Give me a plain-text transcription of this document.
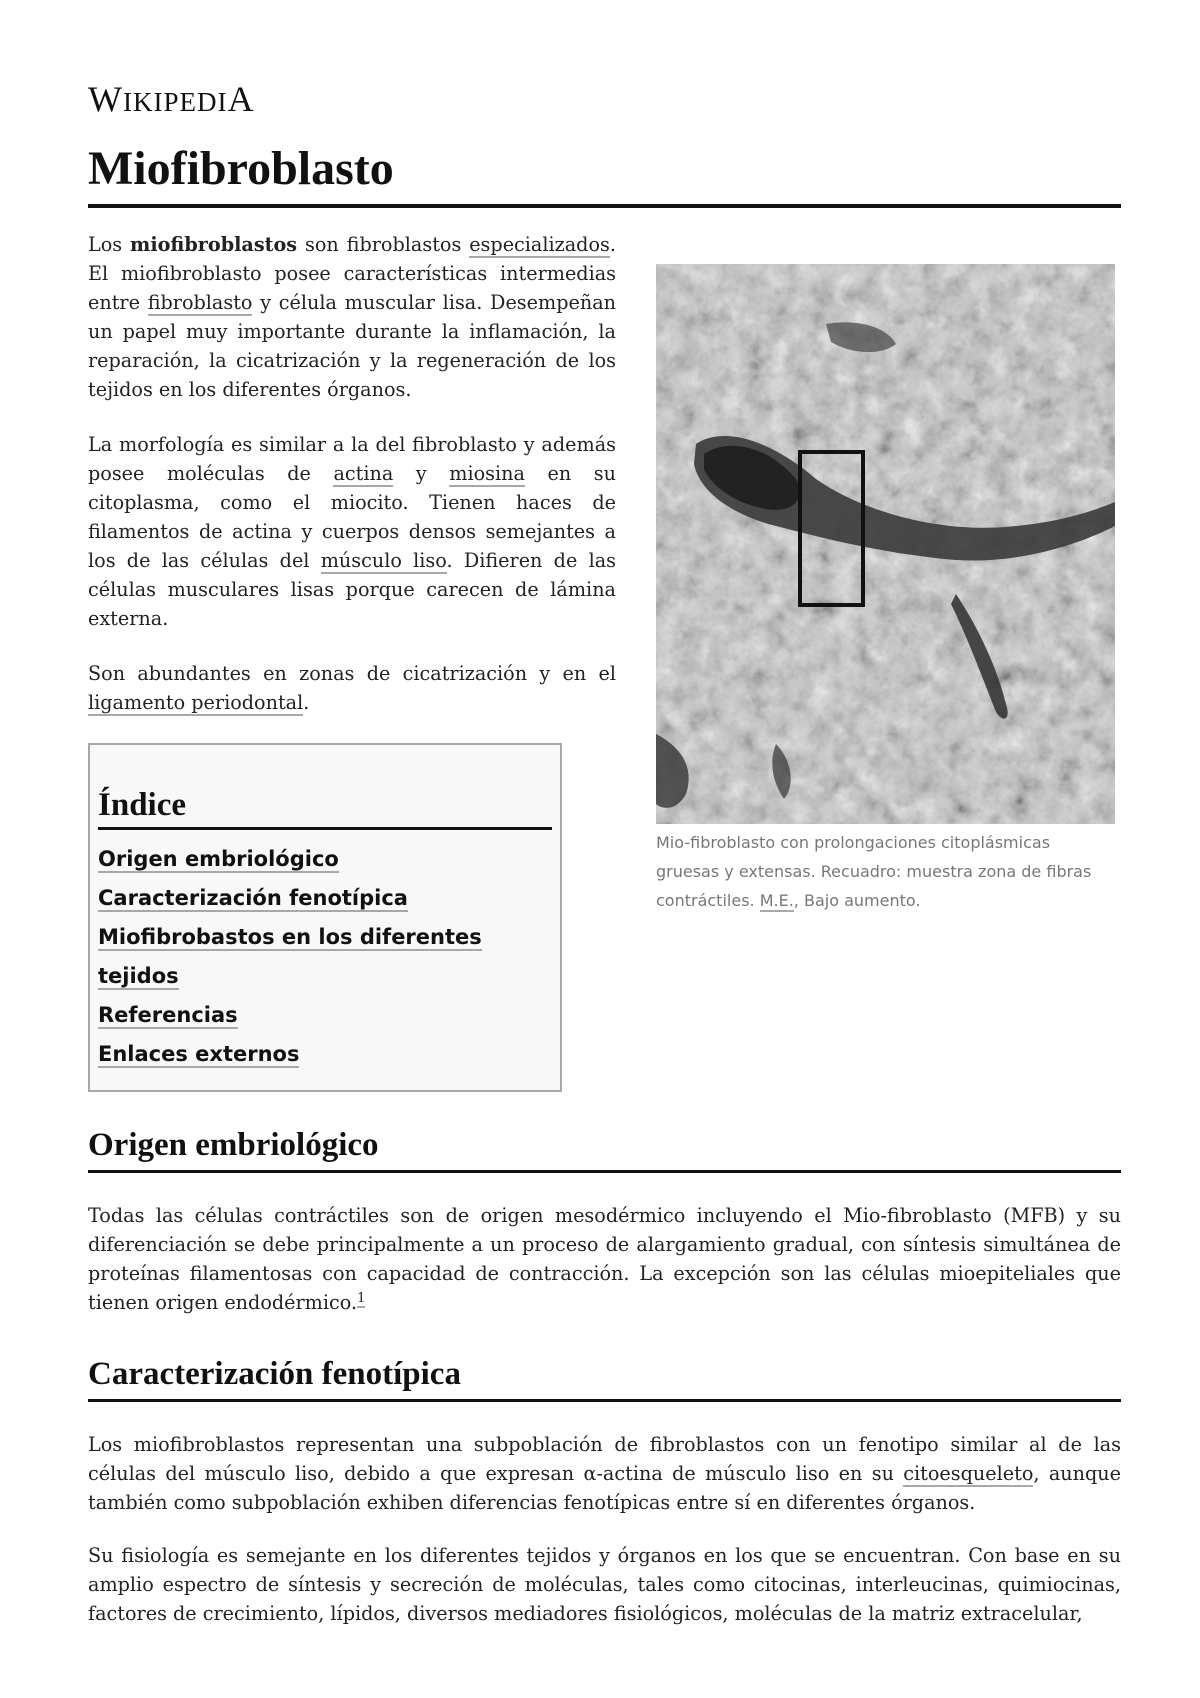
WIKIPEDIA
Miofibroblasto

Los miofibroblastos son fibroblastos especializados. El miofibroblasto posee características intermedias entre fibroblasto y célula muscular lisa. Desempeñan un papel muy importante durante la inflamación, la reparación, la cicatrización y la regeneración de los tejidos en los diferentes órganos.

La morfología es similar a la del fibroblasto y además posee moléculas de actina y miosina en su citoplasma, como el miocito. Tienen haces de filamentos de actina y cuerpos densos semejantes a los de las células del músculo liso. Difieren de las células musculares lisas porque carecen de lámina externa.

Son abundantes en zonas de cicatrización y en el ligamento periodontal.

Índice
Origen embriológico
Caracterización fenotípica
Miofibrobastos en los diferentes tejidos
Referencias
Enlaces externos
Mio-fibroblasto con prolongaciones citoplásmicas gruesas y extensas. Recuadro: muestra zona de fibras contráctiles. M.E., Bajo aumento.
Origen embriológico

Todas las células contráctiles son de origen mesodérmico incluyendo el Mio-fibroblasto (MFB) y su diferenciación se debe principalmente a un proceso de alargamiento gradual, con síntesis simultánea de proteínas filamentosas con capacidad de contracción. La excepción son las células mioepiteliales que tienen origen endodérmico.$^1$

Caracterización fenotípica

Los miofibroblastos representan una subpoblación de fibroblastos con un fenotipo similar al de las células del músculo liso, debido a que expresan α-actina de músculo liso en su citoesqueleto, aunque también como subpoblación exhiben diferencias fenotípicas entre sí en diferentes órganos.

Su fisiología es semejante en los diferentes tejidos y órganos en los que se encuentran. Con base en su amplio espectro de síntesis y secreción de moléculas, tales como citocinas, interleucinas, quimiocinas, factores de crecimiento, lípidos, diversos mediadores fisiológicos, moléculas de la matriz extracelular,
